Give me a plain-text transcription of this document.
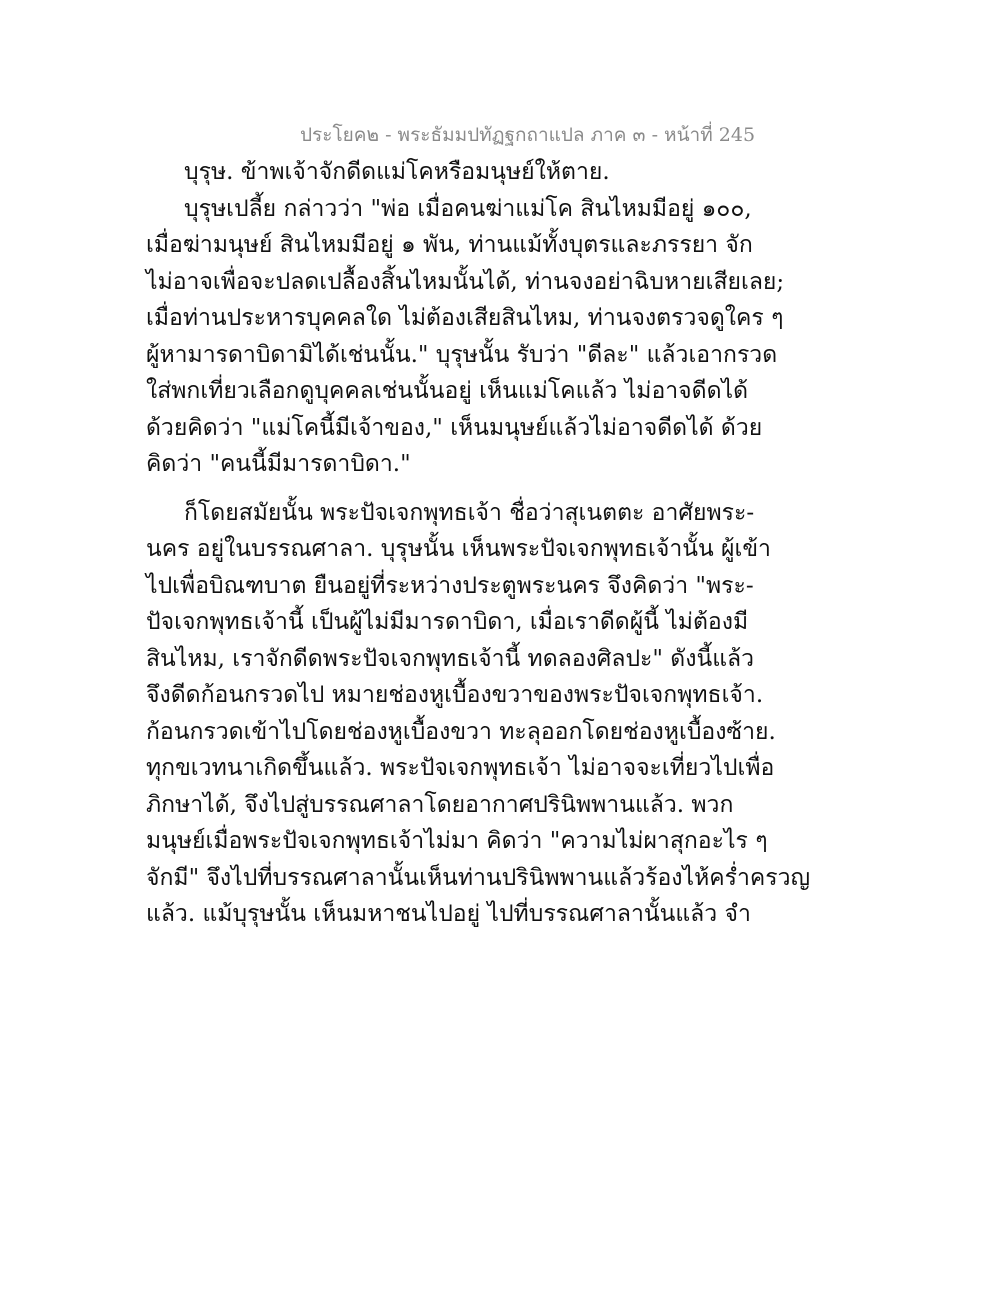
ประโยค๒ - พระธัมมปทัฏฐกถาแปล ภาค ๓ - หน้าที่ 245
บุรุษ. ข้าพเจ้าจักดีดแม่โคหรือมนุษย์ให้ตาย.
บุรุษเปลี้ย กล่าวว่า "พ่อ เมื่อคนฆ่าแม่โค สินไหมมีอยู่ ๑๐๐,
เมื่อฆ่ามนุษย์ สินไหมมีอยู่ ๑ พัน, ท่านแม้ทั้งบุตรและภรรยา จัก
ไม่อาจเพื่อจะปลดเปลื้องสิ้นไหมนั้นได้, ท่านจงอย่าฉิบหายเสียเลย;
เมื่อท่านประหารบุคคลใด ไม่ต้องเสียสินไหม, ท่านจงตรวจดูใคร ๆ
ผู้หามารดาบิดามิได้เช่นนั้น." บุรุษนั้น รับว่า "ดีละ" แล้วเอากรวด
ใส่พกเที่ยวเลือกดูบุคคลเช่นนั้นอยู่ เห็นแม่โคแล้ว ไม่อาจดีดได้
ด้วยคิดว่า "แม่โคนี้มีเจ้าของ," เห็นมนุษย์แล้วไม่อาจดีดได้ ด้วย
คิดว่า "คนนี้มีมารดาบิดา."
ก็โดยสมัยนั้น พระปัจเจกพุทธเจ้า ชื่อว่าสุเนตตะ อาศัยพระ-
นคร อยู่ในบรรณศาลา. บุรุษนั้น เห็นพระปัจเจกพุทธเจ้านั้น ผู้เข้า
ไปเพื่อบิณฑบาต ยืนอยู่ที่ระหว่างประตูพระนคร จึงคิดว่า "พระ-
ปัจเจกพุทธเจ้านี้ เป็นผู้ไม่มีมารดาบิดา, เมื่อเราดีดผู้นี้ ไม่ต้องมี
สินไหม, เราจักดีดพระปัจเจกพุทธเจ้านี้ ทดลองศิลปะ" ดังนี้แล้ว
จึงดีดก้อนกรวดไป หมายช่องหูเบื้องขวาของพระปัจเจกพุทธเจ้า.
ก้อนกรวดเข้าไปโดยช่องหูเบื้องขวา ทะลุออกโดยช่องหูเบื้องซ้าย.
ทุกขเวทนาเกิดขึ้นแล้ว. พระปัจเจกพุทธเจ้า ไม่อาจจะเที่ยวไปเพื่อ
ภิกษาได้, จึงไปสู่บรรณศาลาโดยอากาศปรินิพพานแล้ว. พวก
มนุษย์เมื่อพระปัจเจกพุทธเจ้าไม่มา คิดว่า "ความไม่ผาสุกอะไร ๆ
จักมี" จึงไปที่บรรณศาลานั้นเห็นท่านปรินิพพานแล้วร้องไห้คร่ำครวญ
แล้ว. แม้บุรุษนั้น เห็นมหาชนไปอยู่ ไปที่บรรณศาลานั้นแล้ว จำ
